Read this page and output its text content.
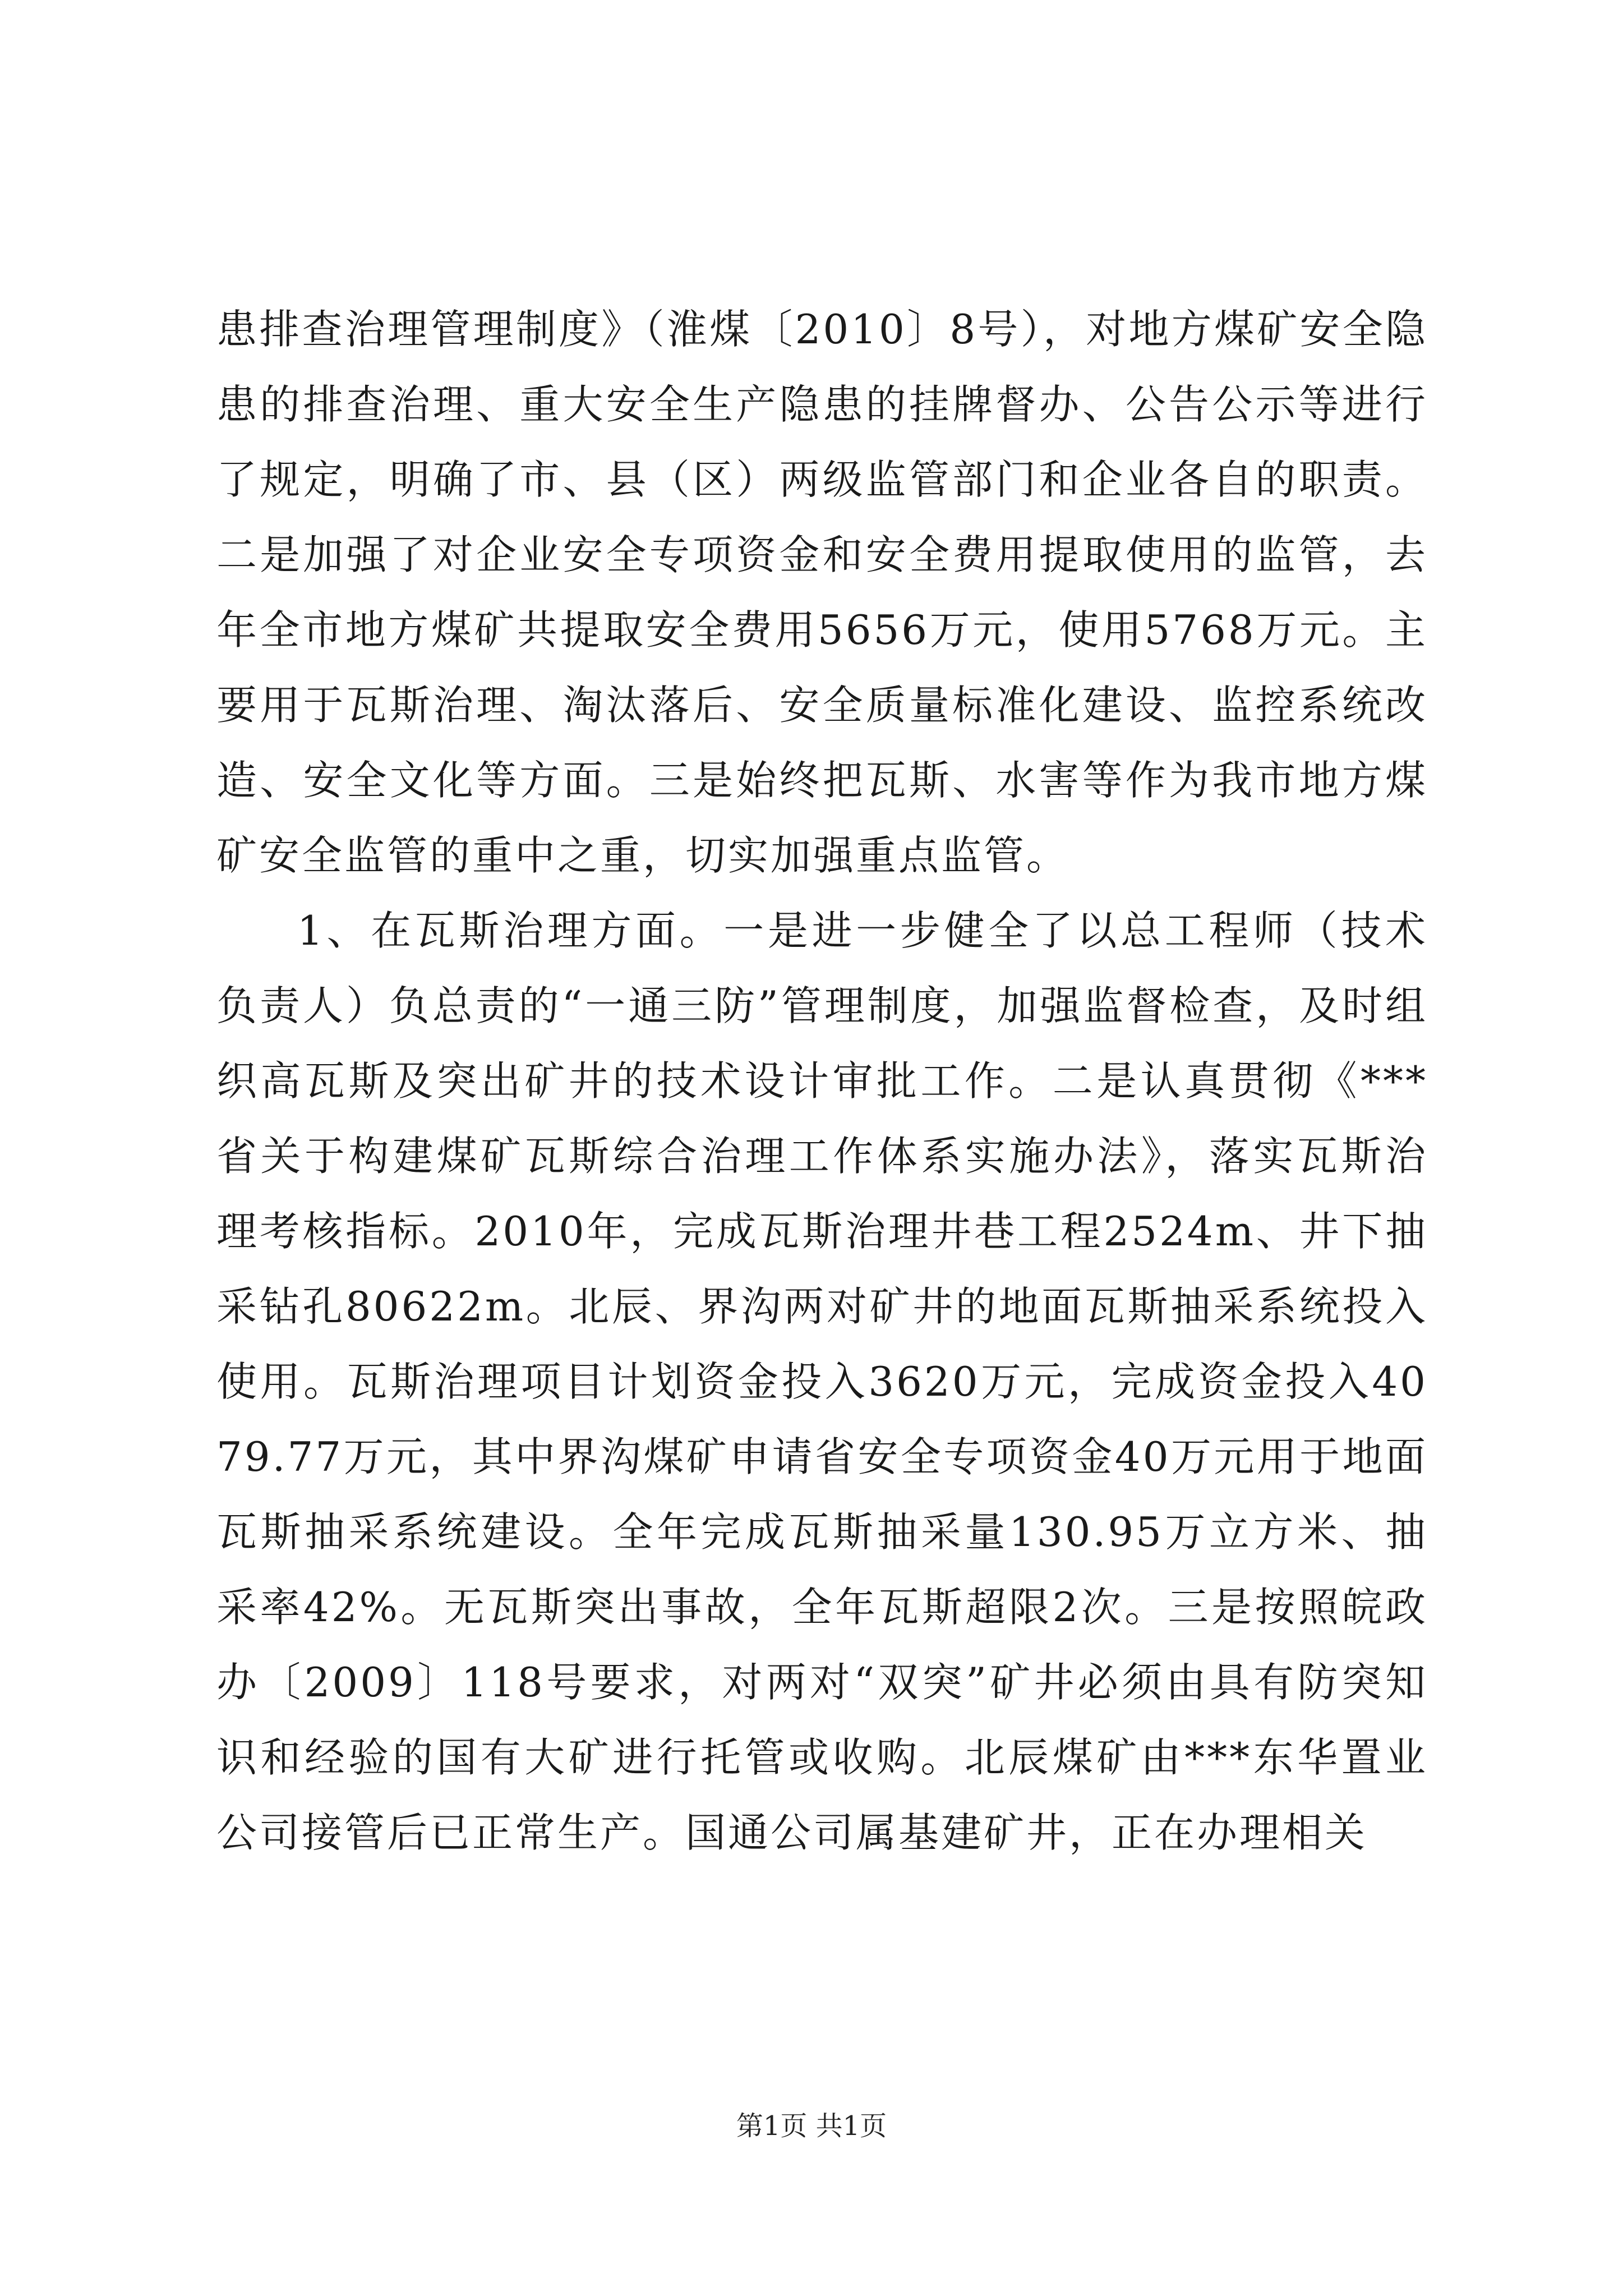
患排查治理管理制度》（淮煤〔2010〕8号），对地方煤矿安全隐患的排查治理、重大安全生产隐患的挂牌督办、公告公示等进行了规定，明确了市、县（区）两级监管部门和企业各自的职责。二是加强了对企业安全专项资金和安全费用提取使用的监管，去年全市地方煤矿共提取安全费用5656万元，使用5768万元。主要用于瓦斯治理、淘汰落后、安全质量标准化建设、监控系统改造、安全文化等方面。三是始终把瓦斯、水害等作为我市地方煤矿安全监管的重中之重，切实加强重点监管。

1、在瓦斯治理方面。一是进一步健全了以总工程师（技术负责人）负总责的“一通三防”管理制度，加强监督检查，及时组织高瓦斯及突出矿井的技术设计审批工作。二是认真贯彻《***省关于构建煤矿瓦斯综合治理工作体系实施办法》，落实瓦斯治理考核指标。2010年，完成瓦斯治理井巷工程2524m、井下抽采钻孔80622m。北辰、界沟两对矿井的地面瓦斯抽采系统投入使用。瓦斯治理项目计划资金投入3620万元，完成资金投入4079.77万元，其中界沟煤矿申请省安全专项资金40万元用于地面瓦斯抽采系统建设。全年完成瓦斯抽采量130.95万立方米、抽采率42%。无瓦斯突出事故，全年瓦斯超限2次。三是按照皖政办〔2009〕118号要求，对两对“双突”矿井必须由具有防突知识和经验的国有大矿进行托管或收购。北辰煤矿由***东华置业公司接管后已正常生产。国通公司属基建矿井，正在办理相关

第1页 共1页
